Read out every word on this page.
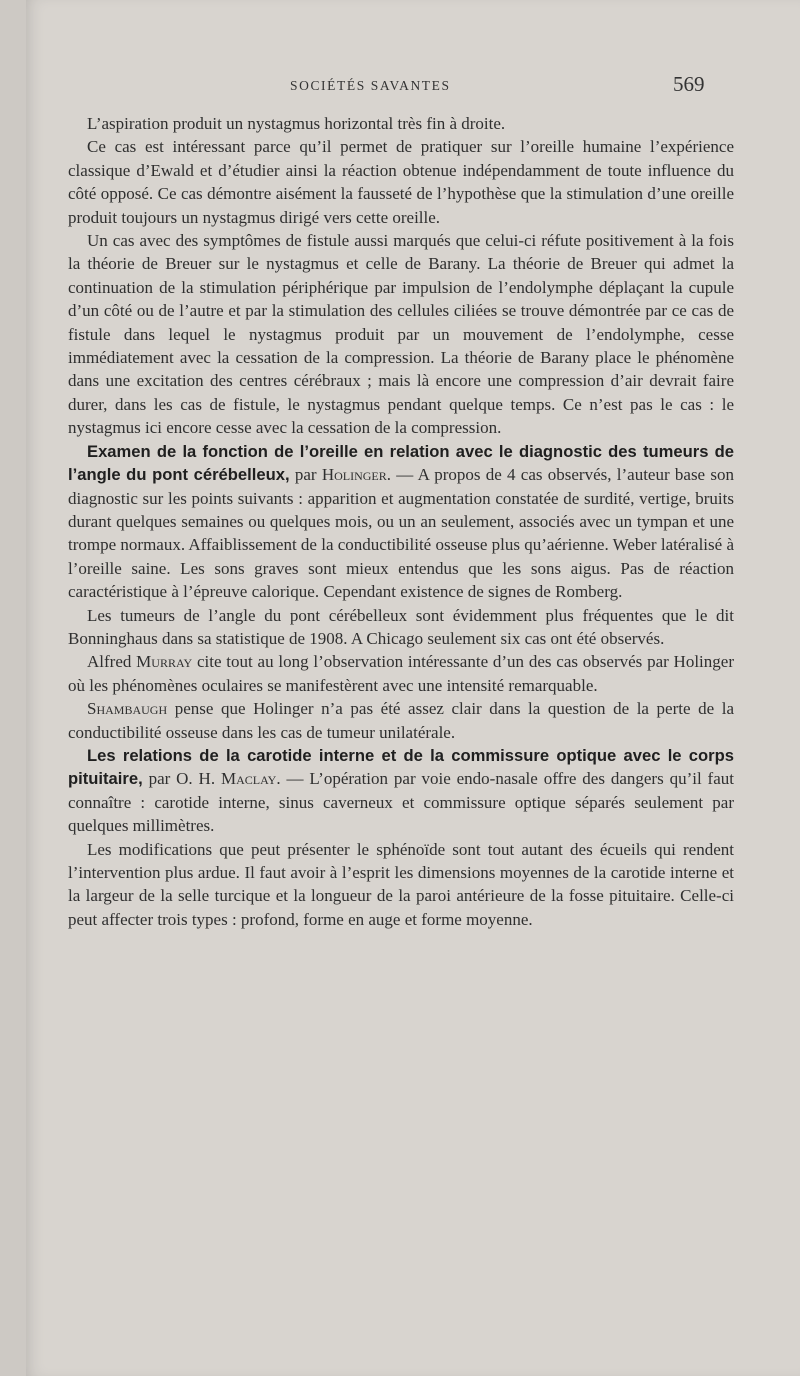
SOCIÉTÉS SAVANTES	569

L’aspiration produit un nystagmus horizontal très fin à droite.

Ce cas est intéressant parce qu’il permet de pratiquer sur l’oreille humaine l’expérience classique d’Ewald et d’étudier ainsi la réaction obtenue indépendamment de toute influence du côté opposé. Ce cas démontre aisément la fausseté de l’hypothèse que la stimulation d’une oreille produit toujours un nystagmus dirigé vers cette oreille.

Un cas avec des symptômes de fistule aussi marqués que celui-ci réfute positivement à la fois la théorie de Breuer sur le nystagmus et celle de Barany. La théorie de Breuer qui admet la continuation de la stimulation périphérique par impulsion de l’endolymphe déplaçant la cupule d’un côté ou de l’autre et par la stimulation des cellules ciliées se trouve démontrée par ce cas de fistule dans lequel le nystagmus produit par un mouvement de l’endolymphe, cesse immédiatement avec la cessation de la compression. La théorie de Barany place le phénomène dans une excitation des centres cérébraux ; mais là encore une compression d’air devrait faire durer, dans les cas de fistule, le nystagmus pendant quelque temps. Ce n’est pas le cas : le nystagmus ici encore cesse avec la cessation de la compression.

Examen de la fonction de l’oreille en relation avec le diagnostic des tumeurs de l’angle du pont cérébelleux, par Holinger. — A propos de 4 cas observés, l’auteur base son diagnostic sur les points suivants : apparition et augmentation constatée de surdité, vertige, bruits durant quelques semaines ou quelques mois, ou un an seulement, associés avec un tympan et une trompe normaux. Affaiblissement de la conductibilité osseuse plus qu’aérienne. Weber latéralisé à l’oreille saine. Les sons graves sont mieux entendus que les sons aigus. Pas de réaction caractéristique à l’épreuve calorique. Cependant existence de signes de Romberg.

Les tumeurs de l’angle du pont cérébelleux sont évidemment plus fréquentes que le dit Bonninghaus dans sa statistique de 1908. A Chicago seulement six cas ont été observés.

Alfred Murray cite tout au long l’observation intéressante d’un des cas observés par Holinger où les phénomènes oculaires se manifestèrent avec une intensité remarquable.

Shambaugh pense que Holinger n’a pas été assez clair dans la question de la perte de la conductibilité osseuse dans les cas de tumeur unilatérale.

Les relations de la carotide interne et de la commissure optique avec le corps pituitaire, par O. H. Maclay. — L’opération par voie endo-nasale offre des dangers qu’il faut connaître : carotide interne, sinus caverneux et commissure optique séparés seulement par quelques millimètres.

Les modifications que peut présenter le sphénoïde sont tout autant des écueils qui rendent l’intervention plus ardue. Il faut avoir à l’esprit les dimensions moyennes de la carotide interne et la largeur de la selle turcique et la longueur de la paroi antérieure de la fosse pituitaire. Celle-ci peut affecter trois types : profond, forme en auge et forme moyenne.
